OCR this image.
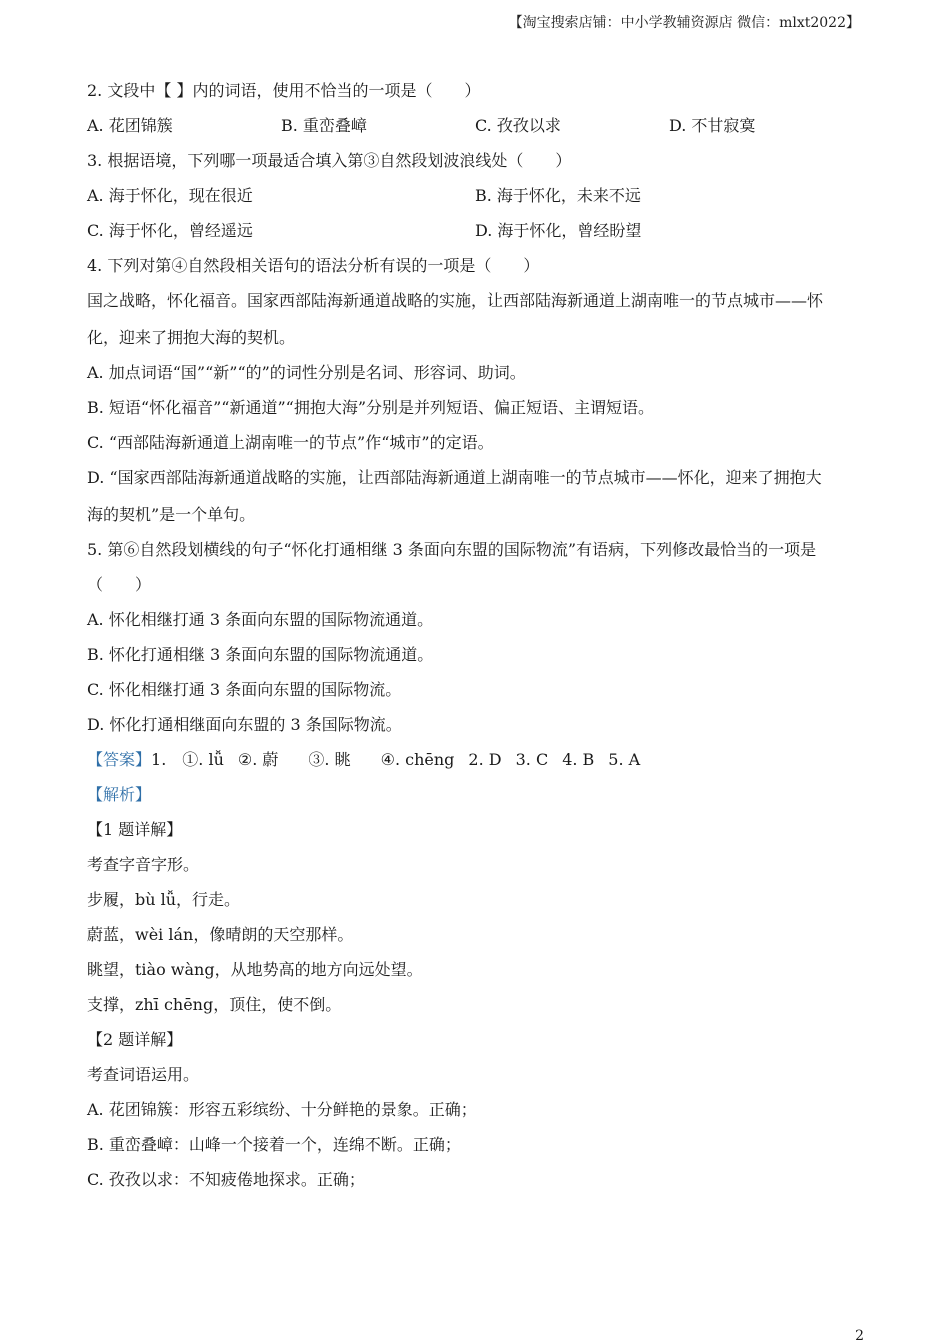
【淘宝搜索店铺：中小学教辅资源店 微信：mlxt2022】
2. 文段中【 】内的词语，使用不恰当的一项是（　　）
A. 花团锦簇	B. 重峦叠嶂	C. 孜孜以求	D. 不甘寂寞
3. 根据语境，下列哪一项最适合填入第③自然段划波浪线处（　　）
A. 海于怀化，现在很近	B. 海于怀化，未来不远
C. 海于怀化，曾经遥远	D. 海于怀化，曾经盼望
4. 下列对第④自然段相关语句的语法分析有误的一项是（　　）
国之战略，怀化福音。国家西部陆海新通道战略的实施，让西部陆海新通道上湖南唯一的节点城市——怀
化，迎来了拥抱大海的契机。
A. 加点词语“国”“新”“的”的词性分别是名词、形容词、助词。
B. 短语“怀化福音”“新通道”“拥抱大海”分别是并列短语、偏正短语、主谓短语。
C. “西部陆海新通道上湖南唯一的节点”作“城市”的定语。
D. “国家西部陆海新通道战略的实施，让西部陆海新通道上湖南唯一的节点城市——怀化，迎来了拥抱大
海的契机”是一个单句。
5. 第⑥自然段划横线的句子“怀化打通相继 3 条面向东盟的国际物流”有语病，下列修改最恰当的一项是
（　　）
A. 怀化相继打通 3 条面向东盟的国际物流通道。
B. 怀化打通相继 3 条面向东盟的国际物流通道。
C. 怀化相继打通 3 条面向东盟的国际物流。
D. 怀化打通相继面向东盟的 3 条国际物流。
【答案】1.　①. lǚ ②. 蔚　③. 眺　④. chēng 2. D 3. C 4. B 5. A
【解析】
【1 题详解】
考查字音字形。
步履，bù lǚ，行走。
蔚蓝，wèi lán，像晴朗的天空那样。
眺望，tiào wàng，从地势高的地方向远处望。
支撑，zhī chēng，顶住，使不倒。
【2 题详解】
考查词语运用。
A. 花团锦簇：形容五彩缤纷、十分鲜艳的景象。正确；
B. 重峦叠嶂：山峰一个接着一个，连绵不断。正确；
C. 孜孜以求：不知疲倦地探求。正确；
2
